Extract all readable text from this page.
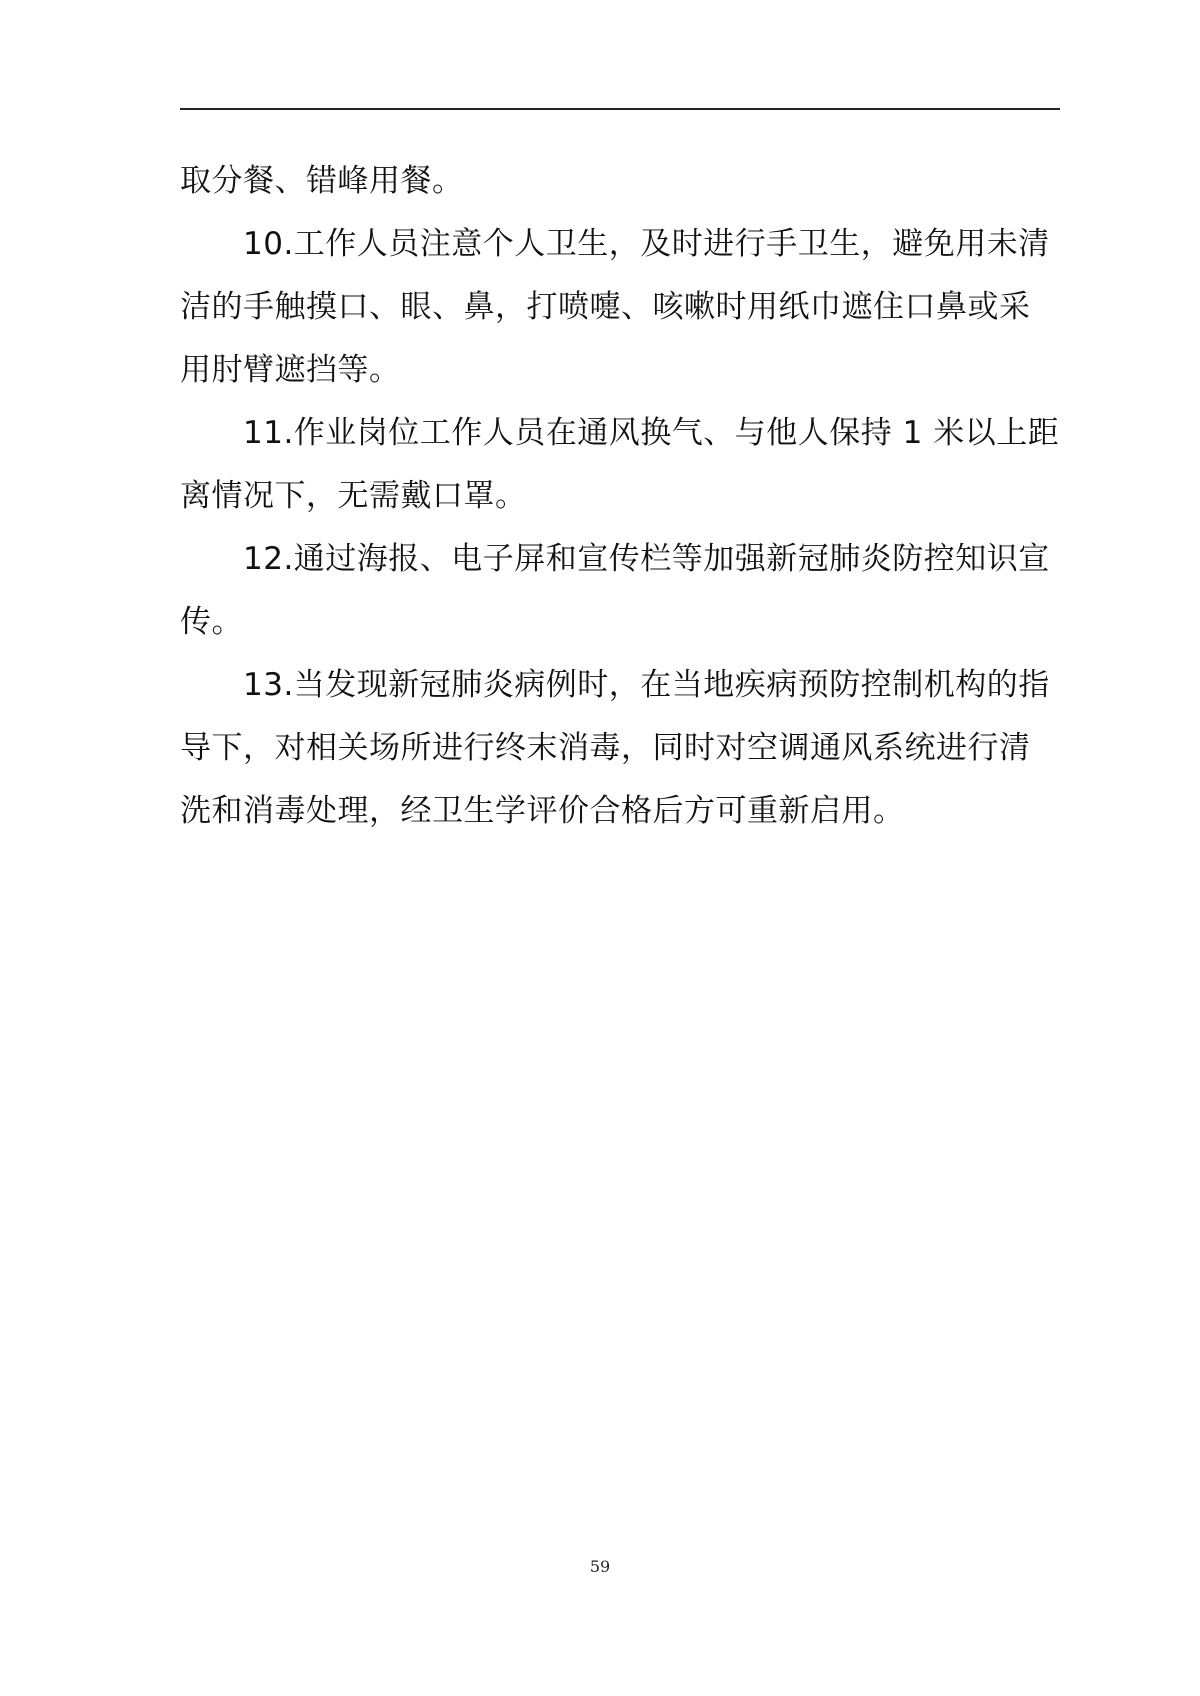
取分餐、错峰用餐。
10.工作人员注意个人卫生，及时进行手卫生，避免用未清
洁的手触摸口、眼、鼻，打喷嚏、咳嗽时用纸巾遮住口鼻或采
用肘臂遮挡等。
11.作业岗位工作人员在通风换气、与他人保持 1 米以上距
离情况下，无需戴口罩。
12.通过海报、电子屏和宣传栏等加强新冠肺炎防控知识宣
传。
13.当发现新冠肺炎病例时，在当地疾病预防控制机构的指
导下，对相关场所进行终末消毒，同时对空调通风系统进行清
洗和消毒处理，经卫生学评价合格后方可重新启用。
59
